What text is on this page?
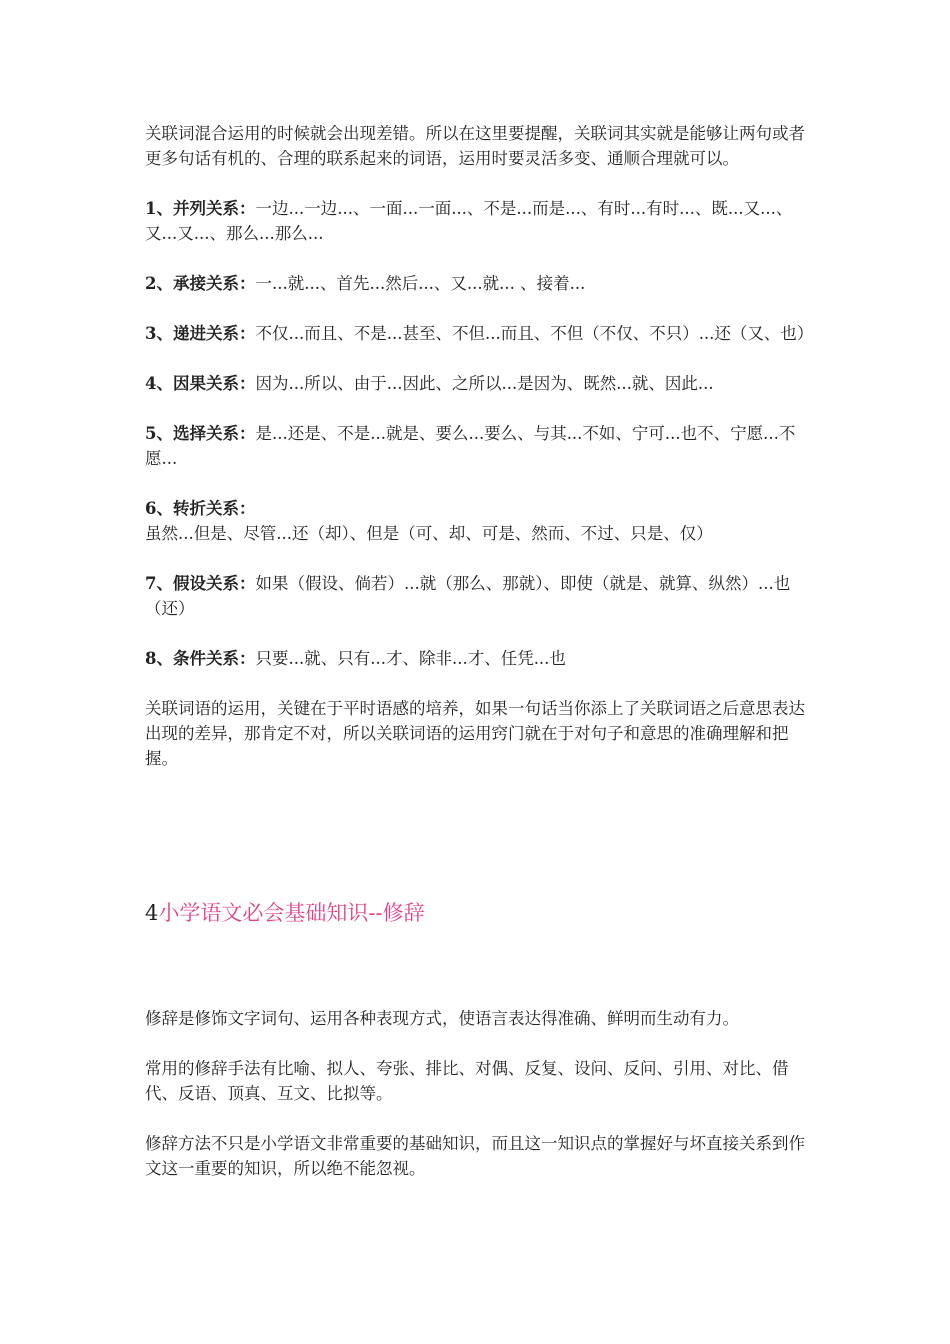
关联词混合运用的时候就会出现差错。所以在这里要提醒，关联词其实就是能够让两句或者更多句话有机的、合理的联系起来的词语，运用时要灵活多变、通顺合理就可以。

1、并列关系：一边...一边...、一面...一面...、不是...而是...、有时...有时...、既...又...、又...又...、那么...那么...

2、承接关系：一...就...、首先...然后...、又...就... 、接着...

3、递进关系：不仅...而且、不是...甚至、不但...而且、不但（不仅、不只）...还（又、也）

4、因果关系：因为...所以、由于...因此、之所以...是因为、既然...就、因此...

5、选择关系：是...还是、不是...就是、要么...要么、与其...不如、宁可...也不、宁愿...不愿...

6、转折关系：虽然...但是、尽管...还（却）、但是（可、却、可是、然而、不过、只是、仅）

7、假设关系：如果（假设、倘若）...就（那么、那就）、即使（就是、就算、纵然）...也（还）

8、条件关系：只要...就、只有...才、除非...才、任凭...也

关联词语的运用，关键在于平时语感的培养，如果一句话当你添上了关联词语之后意思表达出现的差异，那肯定不对，所以关联词语的运用窍门就在于对句子和意思的准确理解和把握。

4小学语文必会基础知识--修辞

修辞是修饰文字词句、运用各种表现方式，使语言表达得准确、鲜明而生动有力。

常用的修辞手法有比喻、拟人、夸张、排比、对偶、反复、设问、反问、引用、对比、借代、反语、顶真、互文、比拟等。

修辞方法不只是小学语文非常重要的基础知识，而且这一知识点的掌握好与坏直接关系到作文这一重要的知识，所以绝不能忽视。
